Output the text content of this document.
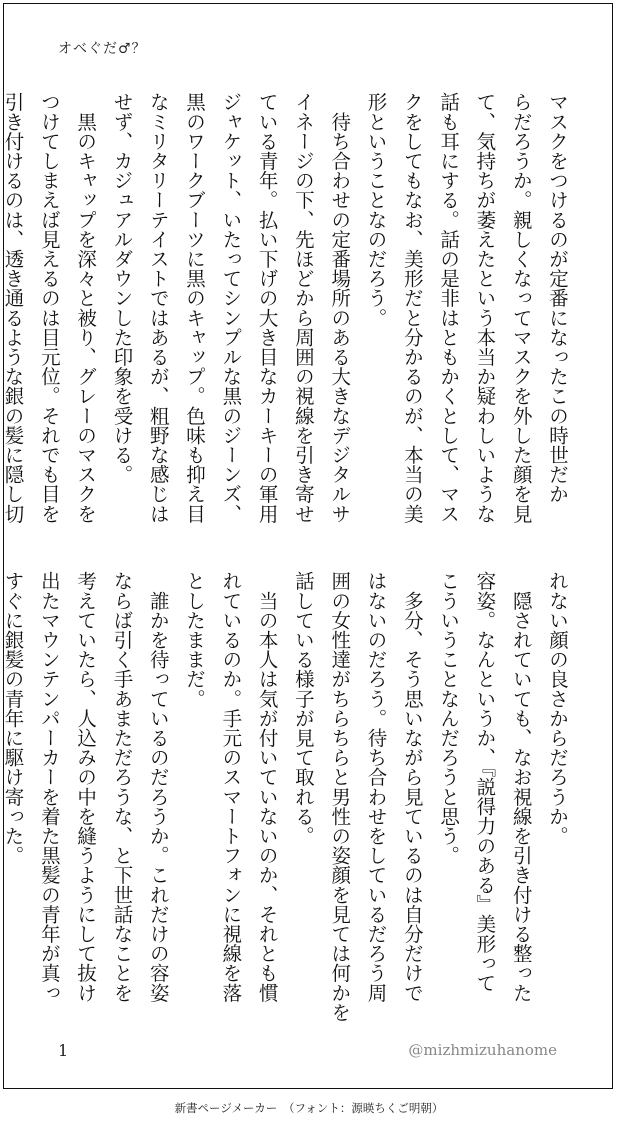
オベぐだ♂？
マスクをつけるのが定番になったこの時世だか
らだろうか。親しくなってマスクを外した顔を見
て、気持ちが萎えたという本当か疑わしいような
話も耳にする。話の是非はともかくとして、マス
クをしてもなお、美形だと分かるのが、本当の美
形ということなのだろう。
　待ち合わせの定番場所のある大きなデジタルサ
イネージの下、先ほどから周囲の視線を引き寄せ
ている青年。払い下げの大き目なカーキーの軍用
ジャケット、いたってシンプルな黒のジーンズ、
黒のワークブーツに黒のキャップ。色味も抑え目
なミリタリーテイストではあるが、粗野な感じは
せず、カジュアルダウンした印象を受ける。
　黒のキャップを深々と被り、グレーのマスクを
つけてしまえば見えるのは目元位。それでも目を
引き付けるのは、透き通るような銀の髪に隠し切
れない顔の良さからだろうか。
　隠されていても、なお視線を引き付ける整った
容姿。なんというか、『説得力のある』美形って
こういうことなんだろうと思う。
　多分、そう思いながら見ているのは自分だけで
はないのだろう。待ち合わせをしているだろう周
囲の女性達がちらちらと男性の姿顔を見ては何かを
話している様子が見て取れる。
　当の本人は気が付いていないのか、それとも慣
れているのか。手元のスマートフォンに視線を落
としたままだ。
　誰かを待っているのだろうか。これだけの容姿
ならば引く手あまただろうな、と下世話なことを
考えていたら、人込みの中を縫うようにして抜け
出たマウンテンパーカーを着た黒髪の青年が真っ
すぐに銀髪の青年に駆け寄った。
1	@mizhmizuhanome
新書ページメーカー　（フォント：源暎ちくご明朝）
